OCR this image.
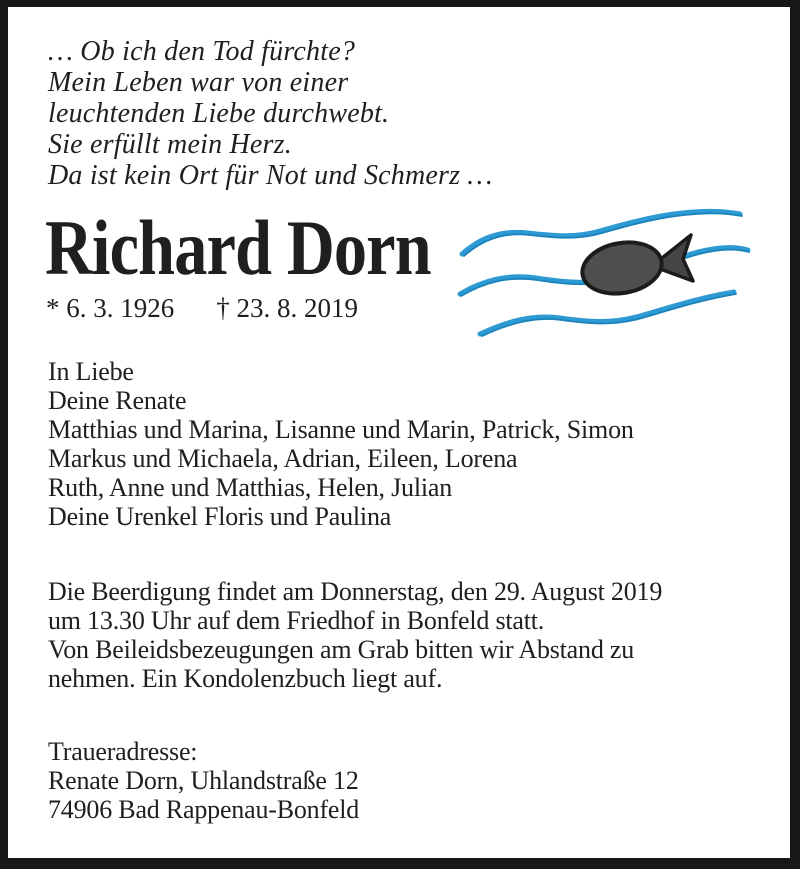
… Ob ich den Tod fürchte?
Mein Leben war von einer
leuchtenden Liebe durchwebt.
Sie erfüllt mein Herz.
Da ist kein Ort für Not und Schmerz …
Richard Dorn
* 6. 3. 1926 † 23. 8. 2019
In Liebe
Deine Renate
Matthias und Marina, Lisanne und Marin, Patrick, Simon
Markus und Michaela, Adrian, Eileen, Lorena
Ruth, Anne und Matthias, Helen, Julian
Deine Urenkel Floris und Paulina
Die Beerdigung findet am Donnerstag, den 29. August 2019
um 13.30 Uhr auf dem Friedhof in Bonfeld statt.
Von Beileidsbezeugungen am Grab bitten wir Abstand zu
nehmen. Ein Kondolenzbuch liegt auf.
Traueradresse:
Renate Dorn, Uhlandstraße 12
74906 Bad Rappenau-Bonfeld
